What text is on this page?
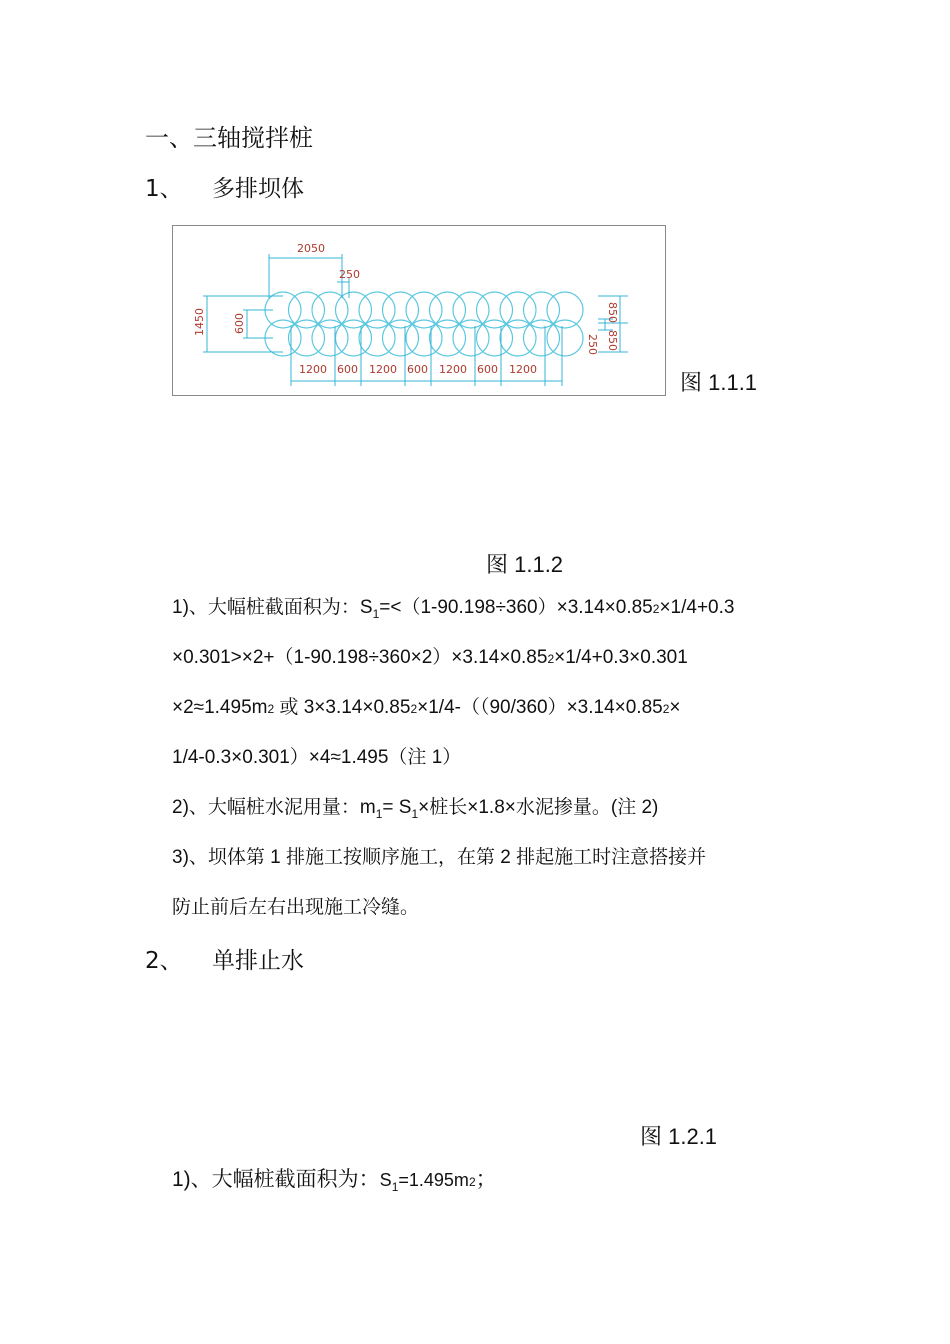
一、三轴搅拌桩
1、 多排坝体
2050
250
1450 600
250
850
850
1200 600 1200 600 1200 600 1200
图 1.1.1
图 1.1.2
1)、大幅桩截面积为：$S_1=<(1-90.198\div 360)\times 3.14\times 0.852\times 1/4+0.3$
×0.301>×2+（1-90.198÷360×2）×3.14×0.852×1/4+0.3×0.301
×2≈1.495m2 或 3×3.14×0.852×1/4-（（90/360）×3.14×0.852×
1/4-0.3×0.301）×4≈1.495（注 1）
2)、大幅桩水泥用量：$m_1= S_1\times$桩长×1.8×水泥掺量。(注 2)
3)、坝体第 1 排施工按顺序施工，在第 2 排起施工时注意搭接并
防止前后左右出现施工冷缝。
2、 单排止水
图 1.2.1
1)、大幅桩截面积为：$S_1=1.495m2$；
